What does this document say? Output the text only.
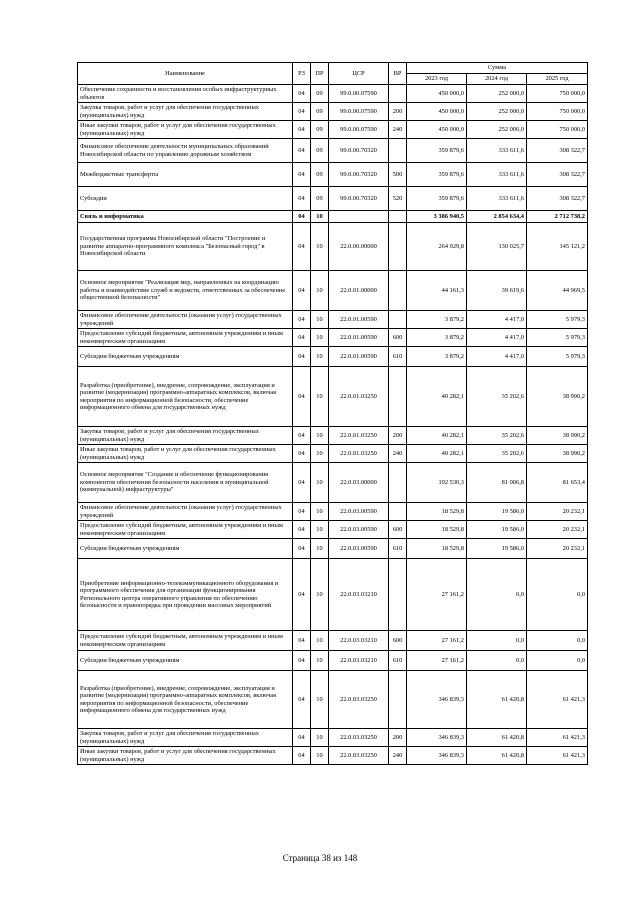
Наименование	РЗ	ПР	ЦСР	ВР	Сумма		
					2023 год	2024 год	2025 год
Обеспечение сохранности и восстановления особых инфраструктурных объектов	04	09	99.0.00.07590		450 000,0	252 000,0	750 000,0
Закупка товаров, работ и услуг для обеспечения государственных (муниципальных) нужд	04	09	99.0.00.07590	200	450 000,0	252 000,0	750 000,0
Иные закупки товаров, работ и услуг для обеспечения государственных (муниципальных) нужд	04	09	99.0.00.07590	240	450 000,0	252 000,0	750 000,0
Финансовое обеспечение деятельности муниципальных образований Новосибирской области по управлению дорожным хозяйством	04	09	99.0.00.70320		359 879,6	333 611,6	308 322,7
Межбюджетные трансферты	04	09	99.0.00.70320	500	359 879,6	333 611,6	308 322,7
Субсидии	04	09	99.0.00.70320	520	359 879,6	333 611,6	308 322,7
Связь и информатика	04	10			3 386 940,5	2 854 634,4	2 712 738,2
Государственная программа Новосибирской области "Построение и развитие аппаратно-программного комплекса "Безопасный город" в Новосибирской области	04	10	22.0.00.00000		264 929,8	130 025,7	145 121,2
Основное мероприятие "Реализация мер, направленных на координацию работы и взаимодействие служб и ведомств, ответственных за обеспечение общественной безопасности"	04	10	22.0.01.00000		44 161,3	39 619,6	44 969,5
Финансовое обеспечение деятельности (оказания услуг) государственных учреждений	04	10	22.0.01.00590		3 879,2	4 417,0	5 979,3
Предоставление субсидий бюджетным, автономным учреждениям и иным некоммерческим организациям	04	10	22.0.01.00590	600	3 879,2	4 417,0	5 979,3
Субсидии бюджетным учреждениям	04	10	22.0.01.00590	610	3 879,2	4 417,0	5 979,3
Разработка (приобретение), внедрение, сопровождение, эксплуатация и развитие (модернизация) программно-аппаратных комплексов, включая мероприятия по информационной безопасности, обеспечение информационного обмена для государственных нужд	04	10	22.0.01.03250		40 282,1	35 202,6	38 990,2
Закупка товаров, работ и услуг для обеспечения государственных (муниципальных) нужд	04	10	22.0.01.03250	200	40 282,1	35 202,6	38 990,2
Иные закупки товаров, работ и услуг для обеспечения государственных (муниципальных) нужд	04	10	22.0.01.03250	240	40 282,1	35 202,6	38 990,2
Основное мероприятие "Создание и обеспечение функционирования компонентов обеспечения безопасности населения и муниципальной (коммунальной) инфраструктуры"	04	10	22.0.03.00000		192 530,3	81 006,8	81 653,4
Финансовое обеспечение деятельности (оказания услуг) государственных учреждений	04	10	22.0.03.00590		18 529,8	19 586,0	20 232,1
Предоставление субсидий бюджетным, автономным учреждениям и иным некоммерческим организациям	04	10	22.0.03.00590	600	18 529,8	19 586,0	20 232,1
Субсидии бюджетным учреждениям	04	10	22.0.03.00590	610	18 529,8	19 586,0	20 232,1
Приобретение информационно-телекоммуникационного оборудования и программного обеспечения для организации функционирования Регионального центра оперативного управления по обеспечению безопасности и правопорядка при проведении массовых мероприятий	04	10	22.0.03.03210		27 161,2	0,0	0,0
Предоставление субсидий бюджетным, автономным учреждениям и иным некоммерческим организациям	04	10	22.0.03.03210	600	27 161,2	0,0	0,0
Субсидии бюджетным учреждениям	04	10	22.0.03.03210	610	27 161,2	0,0	0,0
Разработка (приобретение), внедрение, сопровождение, эксплуатация и развитие (модернизация) программно-аппаратных комплексов, включая мероприятия по информационной безопасности, обеспечение информационного обмена для государственных нужд	04	10	22.0.03.03250		346 839,3	61 420,8	61 421,3
Закупка товаров, работ и услуг для обеспечения государственных (муниципальных) нужд	04	10	22.0.03.03250	200	346 839,3	61 420,8	61 421,3
Иные закупки товаров, работ и услуг для обеспечения государственных (муниципальных) нужд	04	10	22.0.03.03250	240	346 839,3	61 420,8	61 421,3
Страница 38 из 148
